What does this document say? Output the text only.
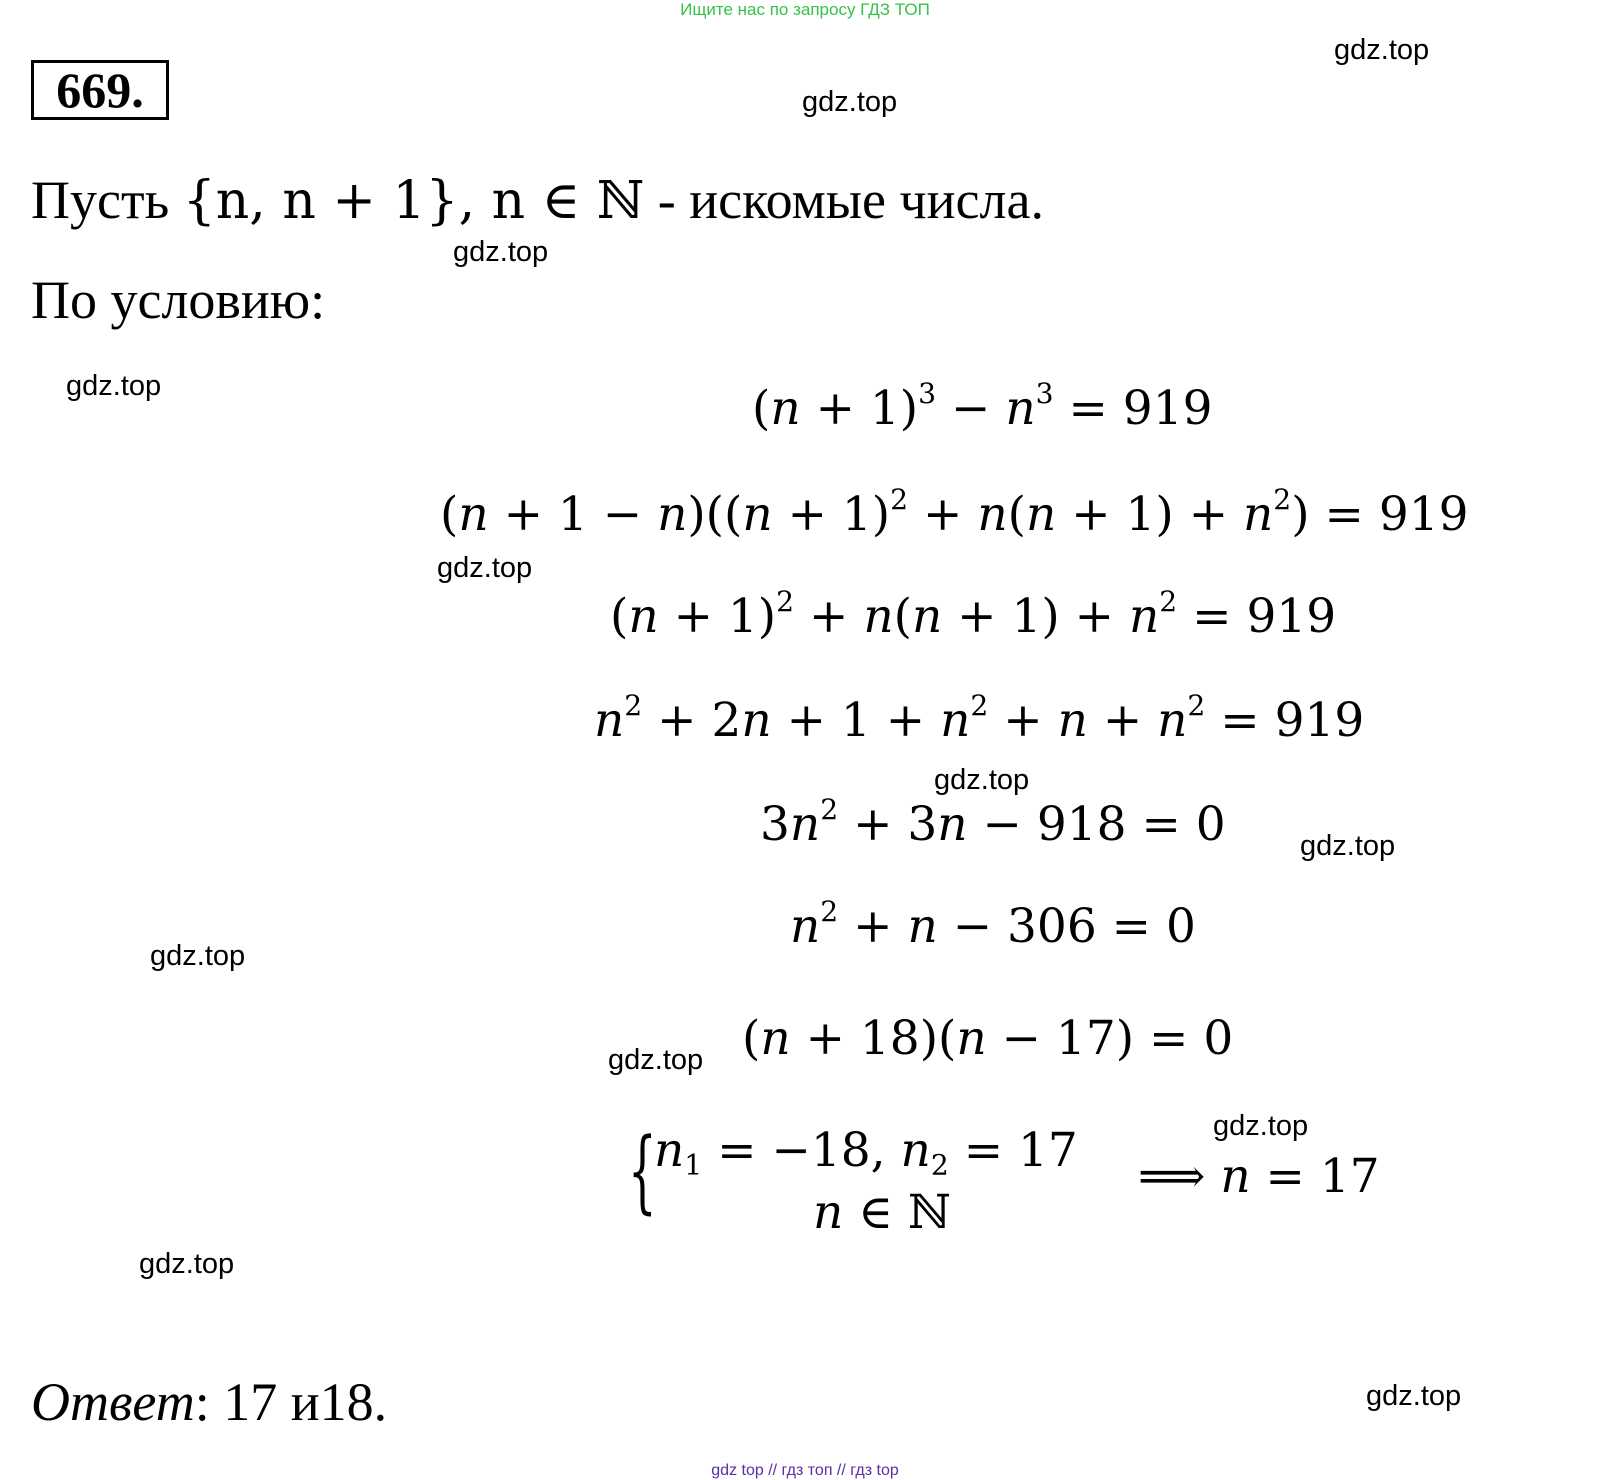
Ищите нас по запросу ГДЗ ТОП
669.
Пусть {n, n + 1}, n ∈ ℕ - искомые числа.
По условию:
$(n + 1)^3 - n^3 = 919$
$(n + 1 - n)((n + 1)^2 + n(n + 1) + n^2) = 919$
$(n + 1)^2 + n(n + 1) + n^2 = 919$
$n^2 + 2n + 1 + n^2 + n + n^2 = 919$
$3n^2 + 3n - 918 = 0$
$n^2 + n - 306 = 0$
(n + 18)(n − 17) = 0
{
$n_1 = -18$, $n_2 = 17$
n ∈ ℕ
⟹ n = 17
Ответ: 17 и18.
gdz.top
gdz.top
gdz.top
gdz.top
gdz.top
gdz.top
gdz.top
gdz.top
gdz.top
gdz.top
gdz.top
gdz.top
gdz top // гдз топ // гдз top
